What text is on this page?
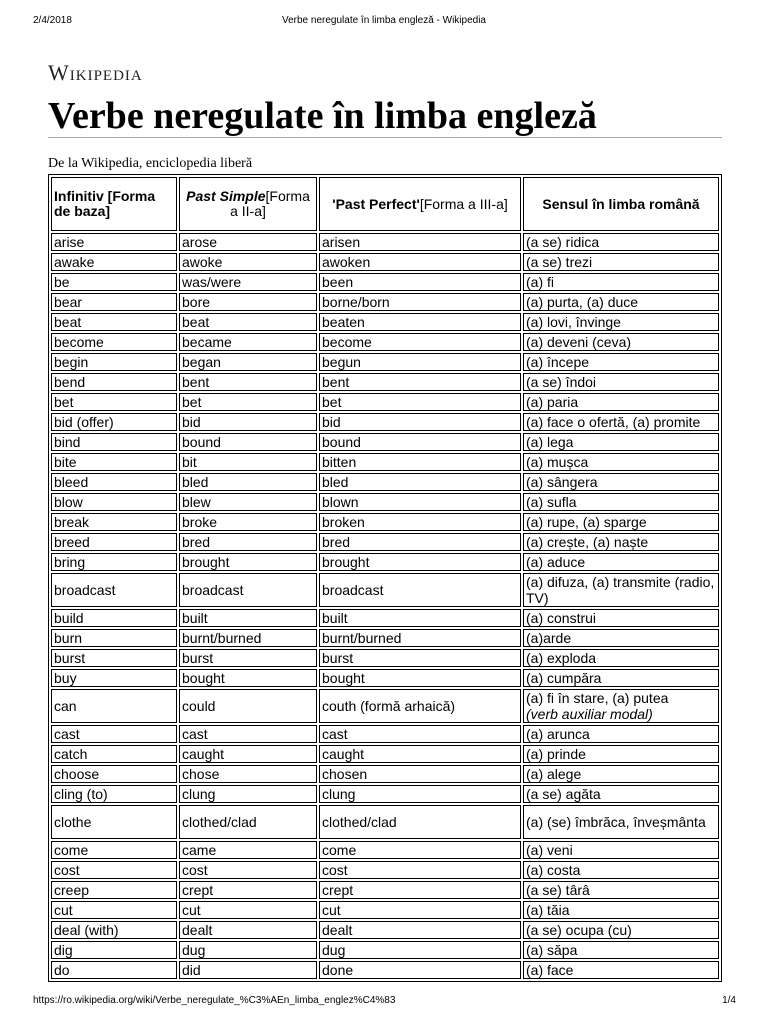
2/4/2018	Verbe neregulate în limba engleză - Wikipedia
Wikipedia
Verbe neregulate în limba engleză
De la Wikipedia, enciclopedia liberă
Infinitiv [Forma de baza]	Past Simple[Forma a II-a]	'Past Perfect'[Forma a III-a]	Sensul în limba română
arise	arose	arisen	(a se) ridica
awake	awoke	awoken	(a se) trezi
be	was/were	been	(a) fi
bear	bore	borne/born	(a) purta, (a) duce
beat	beat	beaten	(a) lovi, învinge
become	became	become	(a) deveni (ceva)
begin	began	begun	(a) începe
bend	bent	bent	(a se) îndoi
bet	bet	bet	(a) paria
bid (offer)	bid	bid	(a) face o ofertă, (a) promite
bind	bound	bound	(a) lega
bite	bit	bitten	(a) mușca
bleed	bled	bled	(a) sângera
blow	blew	blown	(a) sufla
break	broke	broken	(a) rupe, (a) sparge
breed	bred	bred	(a) crește, (a) naște
bring	brought	brought	(a) aduce
broadcast	broadcast	broadcast	(a) difuza, (a) transmite (radio, TV)
build	built	built	(a) construi
burn	burnt/burned	burnt/burned	(a)arde
burst	burst	burst	(a) exploda
buy	bought	bought	(a) cumpăra
can	could	couth (formă arhaică)	(a) fi în stare, (a) putea
(verb auxiliar modal)
cast	cast	cast	(a) arunca
catch	caught	caught	(a) prinde
choose	chose	chosen	(a) alege
cling (to)	clung	clung	(a se) agăta
clothe	clothed/clad	clothed/clad	(a) (se) îmbrăca, înveșmânta
come	came	come	(a) veni
cost	cost	cost	(a) costa
creep	crept	crept	(a se) târâ
cut	cut	cut	(a) tăia
deal (with)	dealt	dealt	(a se) ocupa (cu)
dig	dug	dug	(a) săpa
do	did	done	(a) face
https://ro.wikipedia.org/wiki/Verbe_neregulate_%C3%AEn_limba_englez%C4%83	1/4
